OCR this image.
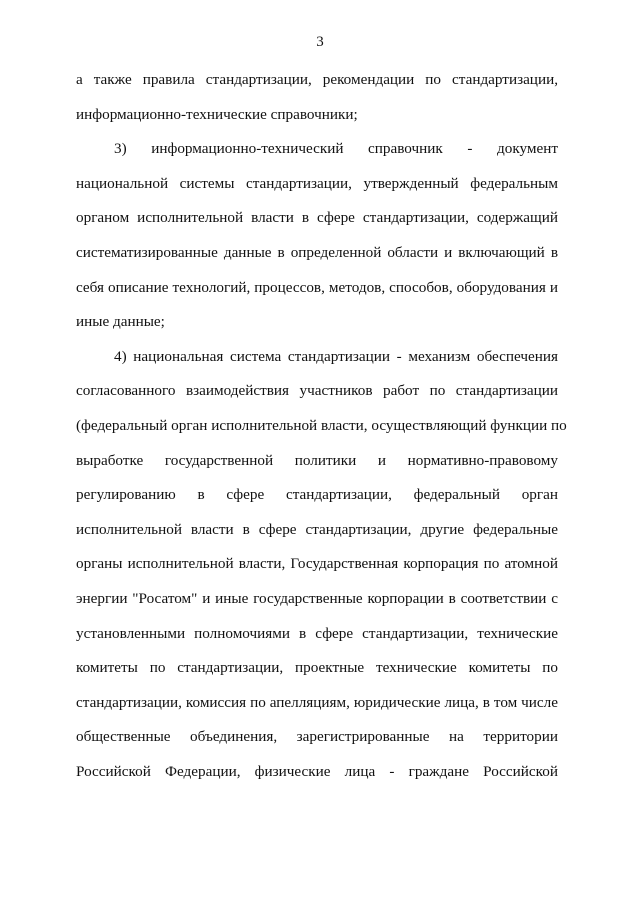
3
а также правила стандартизации, рекомендации по стандартизации,
информационно-технические справочники;
3) информационно-технический справочник - документ
национальной системы стандартизации, утвержденный федеральным
органом исполнительной власти в сфере стандартизации, содержащий
систематизированные данные в определенной области и включающий в
себя описание технологий, процессов, методов, способов, оборудования и
иные данные;
4) национальная система стандартизации - механизм обеспечения
согласованного взаимодействия участников работ по стандартизации
(федеральный орган исполнительной власти, осуществляющий функции по
выработке государственной политики и нормативно-правовому
регулированию в сфере стандартизации, федеральный орган
исполнительной власти в сфере стандартизации, другие федеральные
органы исполнительной власти, Государственная корпорация по атомной
энергии "Росатом" и иные государственные корпорации в соответствии с
установленными полномочиями в сфере стандартизации, технические
комитеты по стандартизации, проектные технические комитеты по
стандартизации, комиссия по апелляциям, юридические лица, в том числе
общественные объединения, зарегистрированные на территории
Российской Федерации, физические лица - граждане Российской
